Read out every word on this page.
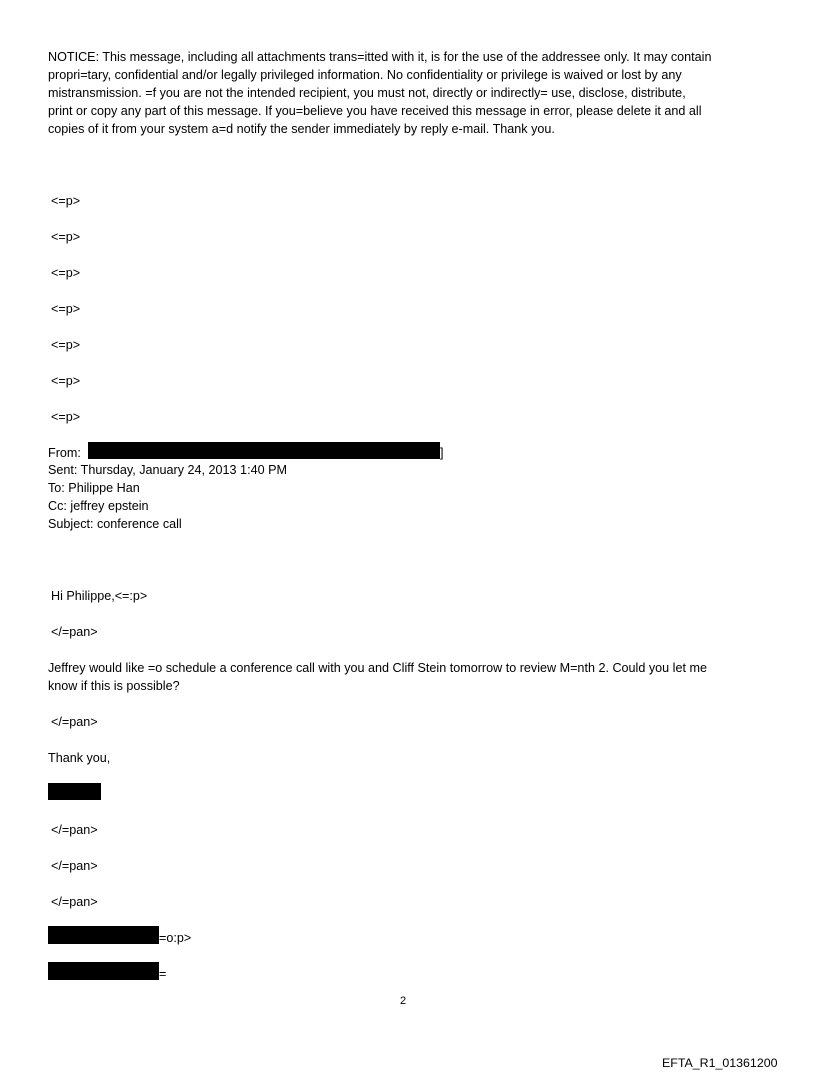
NOTICE: This message, including all attachments trans=itted with it, is for the use of the addressee only. It may contain
propri=tary, confidential and/or legally privileged information. No confidentiality or privilege is waived or lost by any
mistransmission. =f you are not the intended recipient, you must not, directly or indirectly= use, disclose, distribute,
print or copy any part of this message. If you=believe you have received this message in error, please delete it and all
copies of it from your system a=d notify the sender immediately by reply e-mail. Thank you.
<=p>
<=p>
<=p>
<=p>
<=p>
<=p>
<=p>
From:	]
Sent: Thursday, January 24, 2013 1:40 PM
To: Philippe Han
Cc: jeffrey epstein
Subject: conference call
Hi Philippe,<=:p>
</=pan>
Jeffrey would like =o schedule a conference call with you and Cliff Stein tomorrow to review M=nth 2. Could you let me
know if this is possible?
</=pan>
Thank you,
</=pan>
</=pan>
</=pan>
=o:p>
=
2
EFTA_R1_01361200
